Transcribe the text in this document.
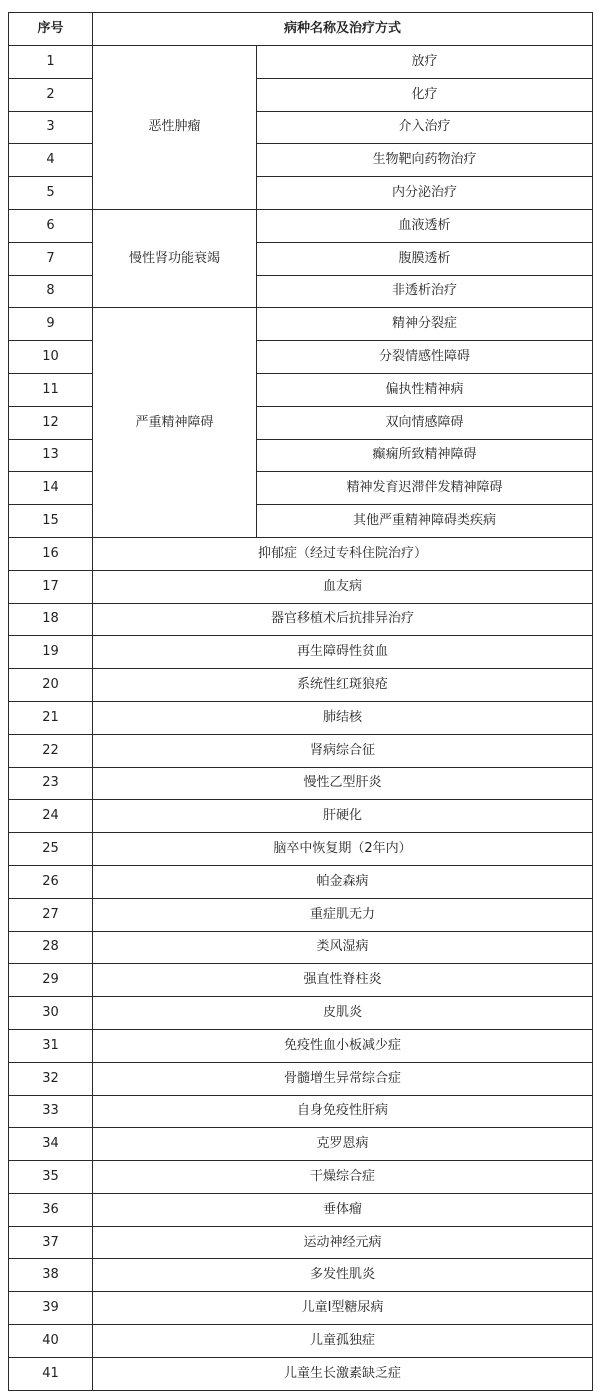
序号	病种名称及治疗方式	
1	恶性肿瘤	放疗
2		化疗
3		介入治疗
4		生物靶向药物治疗
5		内分泌治疗
6	慢性肾功能衰竭	血液透析
7		腹膜透析
8		非透析治疗
9	严重精神障碍	精神分裂症
10		分裂情感性障碍
11		偏执性精神病
12		双向情感障碍
13		癫痫所致精神障碍
14		精神发育迟滞伴发精神障碍
15		其他严重精神障碍类疾病
16	抑郁症（经过专科住院治疗）	
17	血友病	
18	器官移植术后抗排异治疗	
19	再生障碍性贫血	
20	系统性红斑狼疮	
21	肺结核	
22	肾病综合征	
23	慢性乙型肝炎	
24	肝硬化	
25	脑卒中恢复期（2年内）	
26	帕金森病	
27	重症肌无力	
28	类风湿病	
29	强直性脊柱炎	
30	皮肌炎	
31	免疫性血小板减少症	
32	骨髓增生异常综合症	
33	自身免疫性肝病	
34	克罗恩病	
35	干燥综合症	
36	垂体瘤	
37	运动神经元病	
38	多发性肌炎	
39	儿童Ⅰ型糖尿病	
40	儿童孤独症	
41	儿童生长激素缺乏症	
